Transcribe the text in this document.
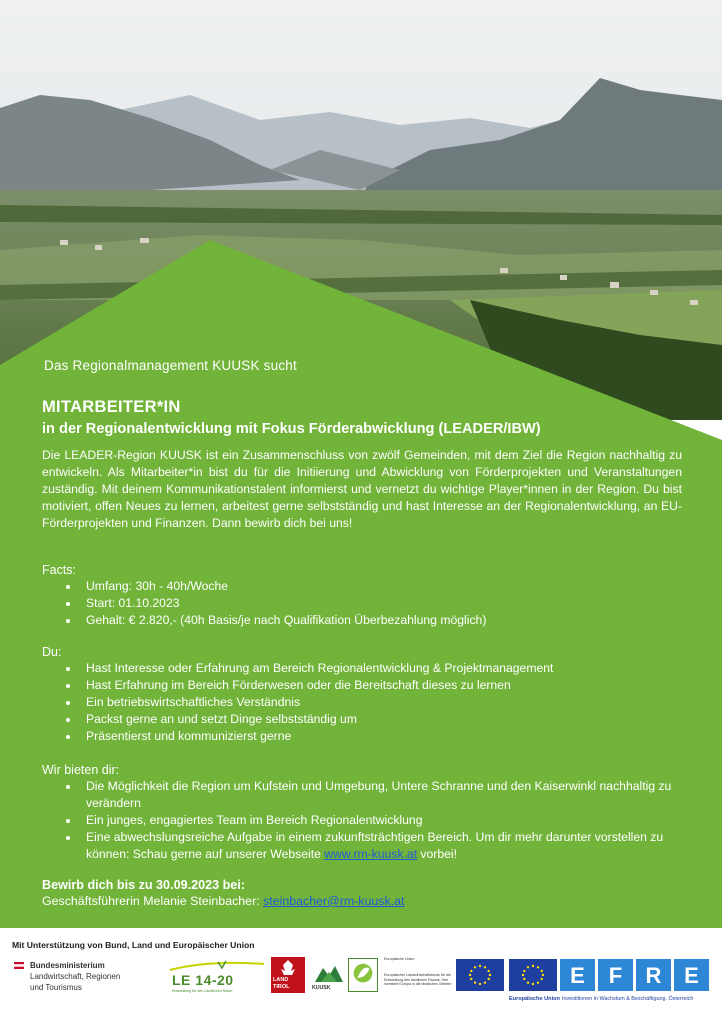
Das Regionalmanagement KUUSK sucht
MITARBEITER*IN
in der Regionalentwicklung mit Fokus Förderabwicklung (LEADER/IBW)

Die LEADER-Region KUUSK ist ein Zusammenschluss von zwölf Gemeinden, mit dem Ziel die Region nachhaltig zu entwickeln. Als Mitarbeiter*in bist du für die Initiierung und Abwicklung von Förderprojekten und Veranstaltungen zuständig. Mit deinem Kommunikationstalent informierst und vernetzt du wichtige Player*innen in der Region. Du bist motiviert, offen Neues zu lernen, arbeitest gerne selbstständig und hast Interesse an der Regionalentwicklung, an EU-Förderprojekten und Finanzen. Dann bewirb dich bei uns!

Facts:
Umfang: 30h - 40h/Woche
Start: 01.10.2023
Gehalt: € 2.820,- (40h Basis/je nach Qualifikation Überbezahlung möglich)
Du:
Hast Interesse oder Erfahrung am Bereich Regionalentwicklung & Projektmanagement
Hast Erfahrung im Bereich Förderwesen oder die Bereitschaft dieses zu lernen
Ein betriebswirtschaftliches Verständnis
Packst gerne an und setzt Dinge selbstständig um
Präsentierst und kommunizierst gerne
Wir bieten dir:
Die Möglichkeit die Region um Kufstein und Umgebung, Untere Schranne und den Kaiserwinkl nachhaltig zu verändern
Ein junges, engagiertes Team im Bereich Regionalentwicklung
Eine abwechslungsreiche Aufgabe in einem zukunftsträchtigen Bereich. Um dir mehr darunter vorstellen zu können: Schau gerne auf unserer Webseite www.rm-kuusk.at vorbei!
Bewirb dich bis zu 30.09.2023 bei:
Geschäftsführerin Melanie Steinbacher: steinbacher@rm-kuusk.at
Mit Unterstützung von Bund, Land und Europäischer Union
Bundesministerium
Landwirtschaft, Regionen
und Tourismus	LE 14-20
Entwicklung für den Ländlichen Raum
LAND
TIROL	KUUSK
Europäische Union
Europäischer Landwirtschaftsfonds für die Entwicklung des ländlichen Raums: Hier investiert Europa in die ländlichen Gebiete	E F R E
Europäische Union Investitionen in Wachstum & Beschäftigung. Österreich
